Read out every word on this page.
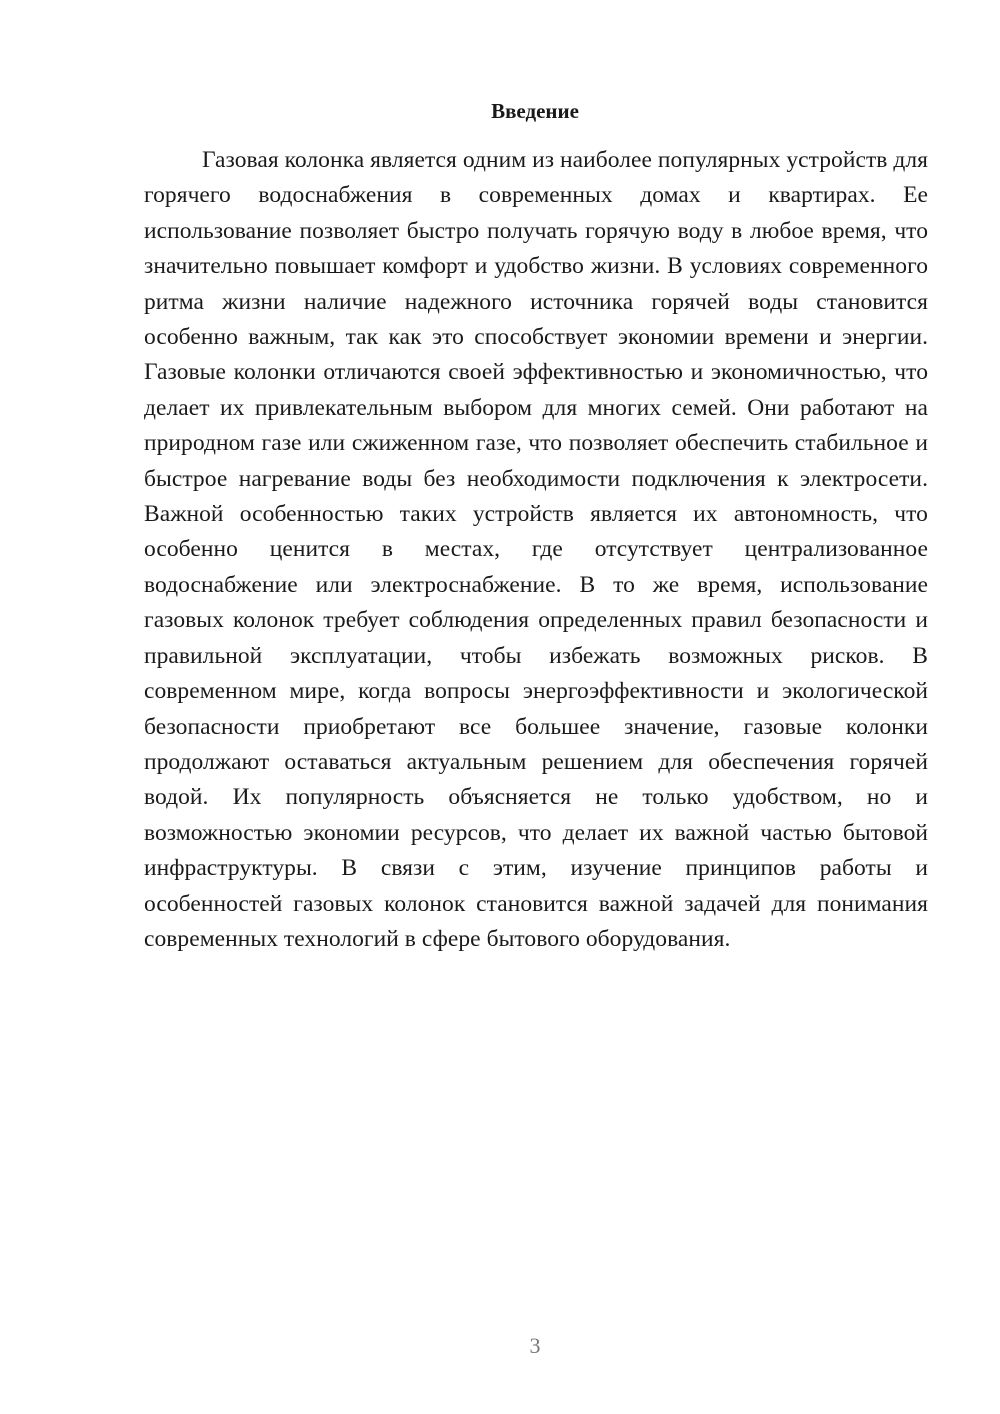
Введение

Газовая колонка является одним из наиболее популярных устройств для горячего водоснабжения в современных домах и квартирах. Ее использование позволяет быстро получать горячую воду в любое время, что значительно повышает комфорт и удобство жизни. В условиях современного ритма жизни наличие надежного источника горячей воды становится особенно важным, так как это способствует экономии времени и энергии. Газовые колонки отличаются своей эффективностью и экономичностью, что делает их привлекательным выбором для многих семей. Они работают на природном газе или сжиженном газе, что позволяет обеспечить стабильное и быстрое нагревание воды без необходимости подключения к электросети. Важной особенностью таких устройств является их автономность, что особенно ценится в местах, где отсутствует централизованное водоснабжение или электроснабжение. В то же время, использование газовых колонок требует соблюдения определенных правил безопасности и правильной эксплуатации, чтобы избежать возможных рисков. В современном мире, когда вопросы энергоэффективности и экологической безопасности приобретают все большее значение, газовые колонки продолжают оставаться актуальным решением для обеспечения горячей водой. Их популярность объясняется не только удобством, но и возможностью экономии ресурсов, что делает их важной частью бытовой инфраструктуры. В связи с этим, изучение принципов работы и особенностей газовых колонок становится важной задачей для понимания современных технологий в сфере бытового оборудования.

3
